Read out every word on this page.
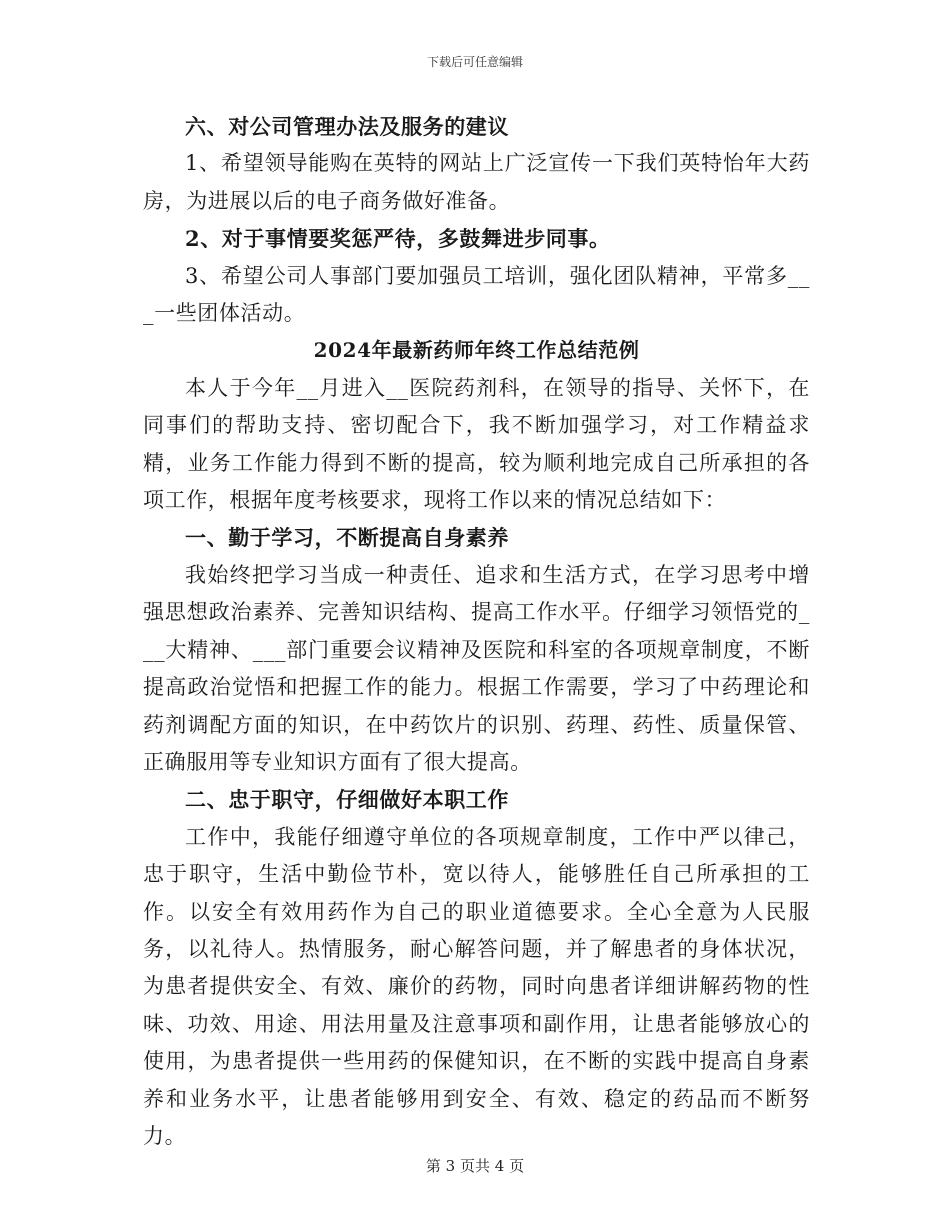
下载后可任意编辑

六、对公司管理办法及服务的建议

1、希望领导能购在英特的网站上广泛宣传一下我们英特怡年大药房，为进展以后的电子商务做好准备。

2、对于事情要奖惩严待，多鼓舞进步同事。

3、希望公司人事部门要加强员工培训，强化团队精神，平常多___一些团体活动。

2024年最新药师年终工作总结范例

本人于今年__月进入__医院药剂科，在领导的指导、关怀下，在同事们的帮助支持、密切配合下，我不断加强学习，对工作精益求精，业务工作能力得到不断的提高，较为顺利地完成自己所承担的各项工作，根据年度考核要求，现将工作以来的情况总结如下：

一、勤于学习，不断提高自身素养

我始终把学习当成一种责任、追求和生活方式，在学习思考中增强思想政治素养、完善知识结构、提高工作水平。仔细学习领悟党的___大精神、___部门重要会议精神及医院和科室的各项规章制度，不断提高政治觉悟和把握工作的能力。根据工作需要，学习了中药理论和药剂调配方面的知识，在中药饮片的识别、药理、药性、质量保管、正确服用等专业知识方面有了很大提高。

二、忠于职守，仔细做好本职工作

工作中，我能仔细遵守单位的各项规章制度，工作中严以律己，忠于职守，生活中勤俭节朴，宽以待人，能够胜任自己所承担的工作。以安全有效用药作为自己的职业道德要求。全心全意为人民服务，以礼待人。热情服务，耐心解答问题，并了解患者的身体状况，为患者提供安全、有效、廉价的药物，同时向患者详细讲解药物的性味、功效、用途、用法用量及注意事项和副作用，让患者能够放心的使用，为患者提供一些用药的保健知识，在不断的实践中提高自身素养和业务水平，让患者能够用到安全、有效、稳定的药品而不断努力。

第 3 页共 4 页
